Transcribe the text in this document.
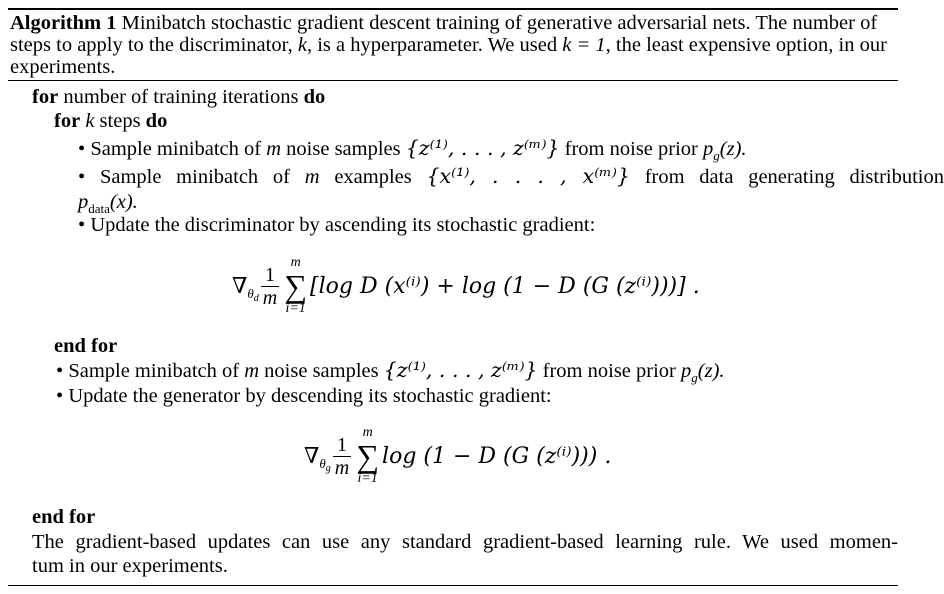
Algorithm 1 Minibatch stochastic gradient descent training of generative adversarial nets. The number of
steps to apply to the discriminator, k, is a hyperparameter. We used k = 1, the least expensive option, in our
experiments.
for number of training iterations do
for k steps do
• Sample minibatch of m noise samples {z⁽¹⁾, . . . , z⁽ᵐ⁾} from noise prior $p_g(z)$.
• Sample minibatch of m examples {x⁽¹⁾, . . . , x⁽ᵐ⁾} from data generating distribution
$p_{data}(x)$.
• Update the discriminator by ascending its stochastic gradient:
∇ $\theta_d \frac{1}{m}$
m
∑
i=1
[log D (x⁽ⁱ⁾) + log (1 − D (G (z⁽ⁱ⁾)))] .
end for
• Sample minibatch of m noise samples {z⁽¹⁾, . . . , z⁽ᵐ⁾} from noise prior $p_g(z)$.
• Update the generator by descending its stochastic gradient:
∇ $\theta_g \frac{1}{m}$
m
∑
i=1
log (1 − D (G (z⁽ⁱ⁾))) .
end for
The gradient-based updates can use any standard gradient-based learning rule. We used momen-
tum in our experiments.
